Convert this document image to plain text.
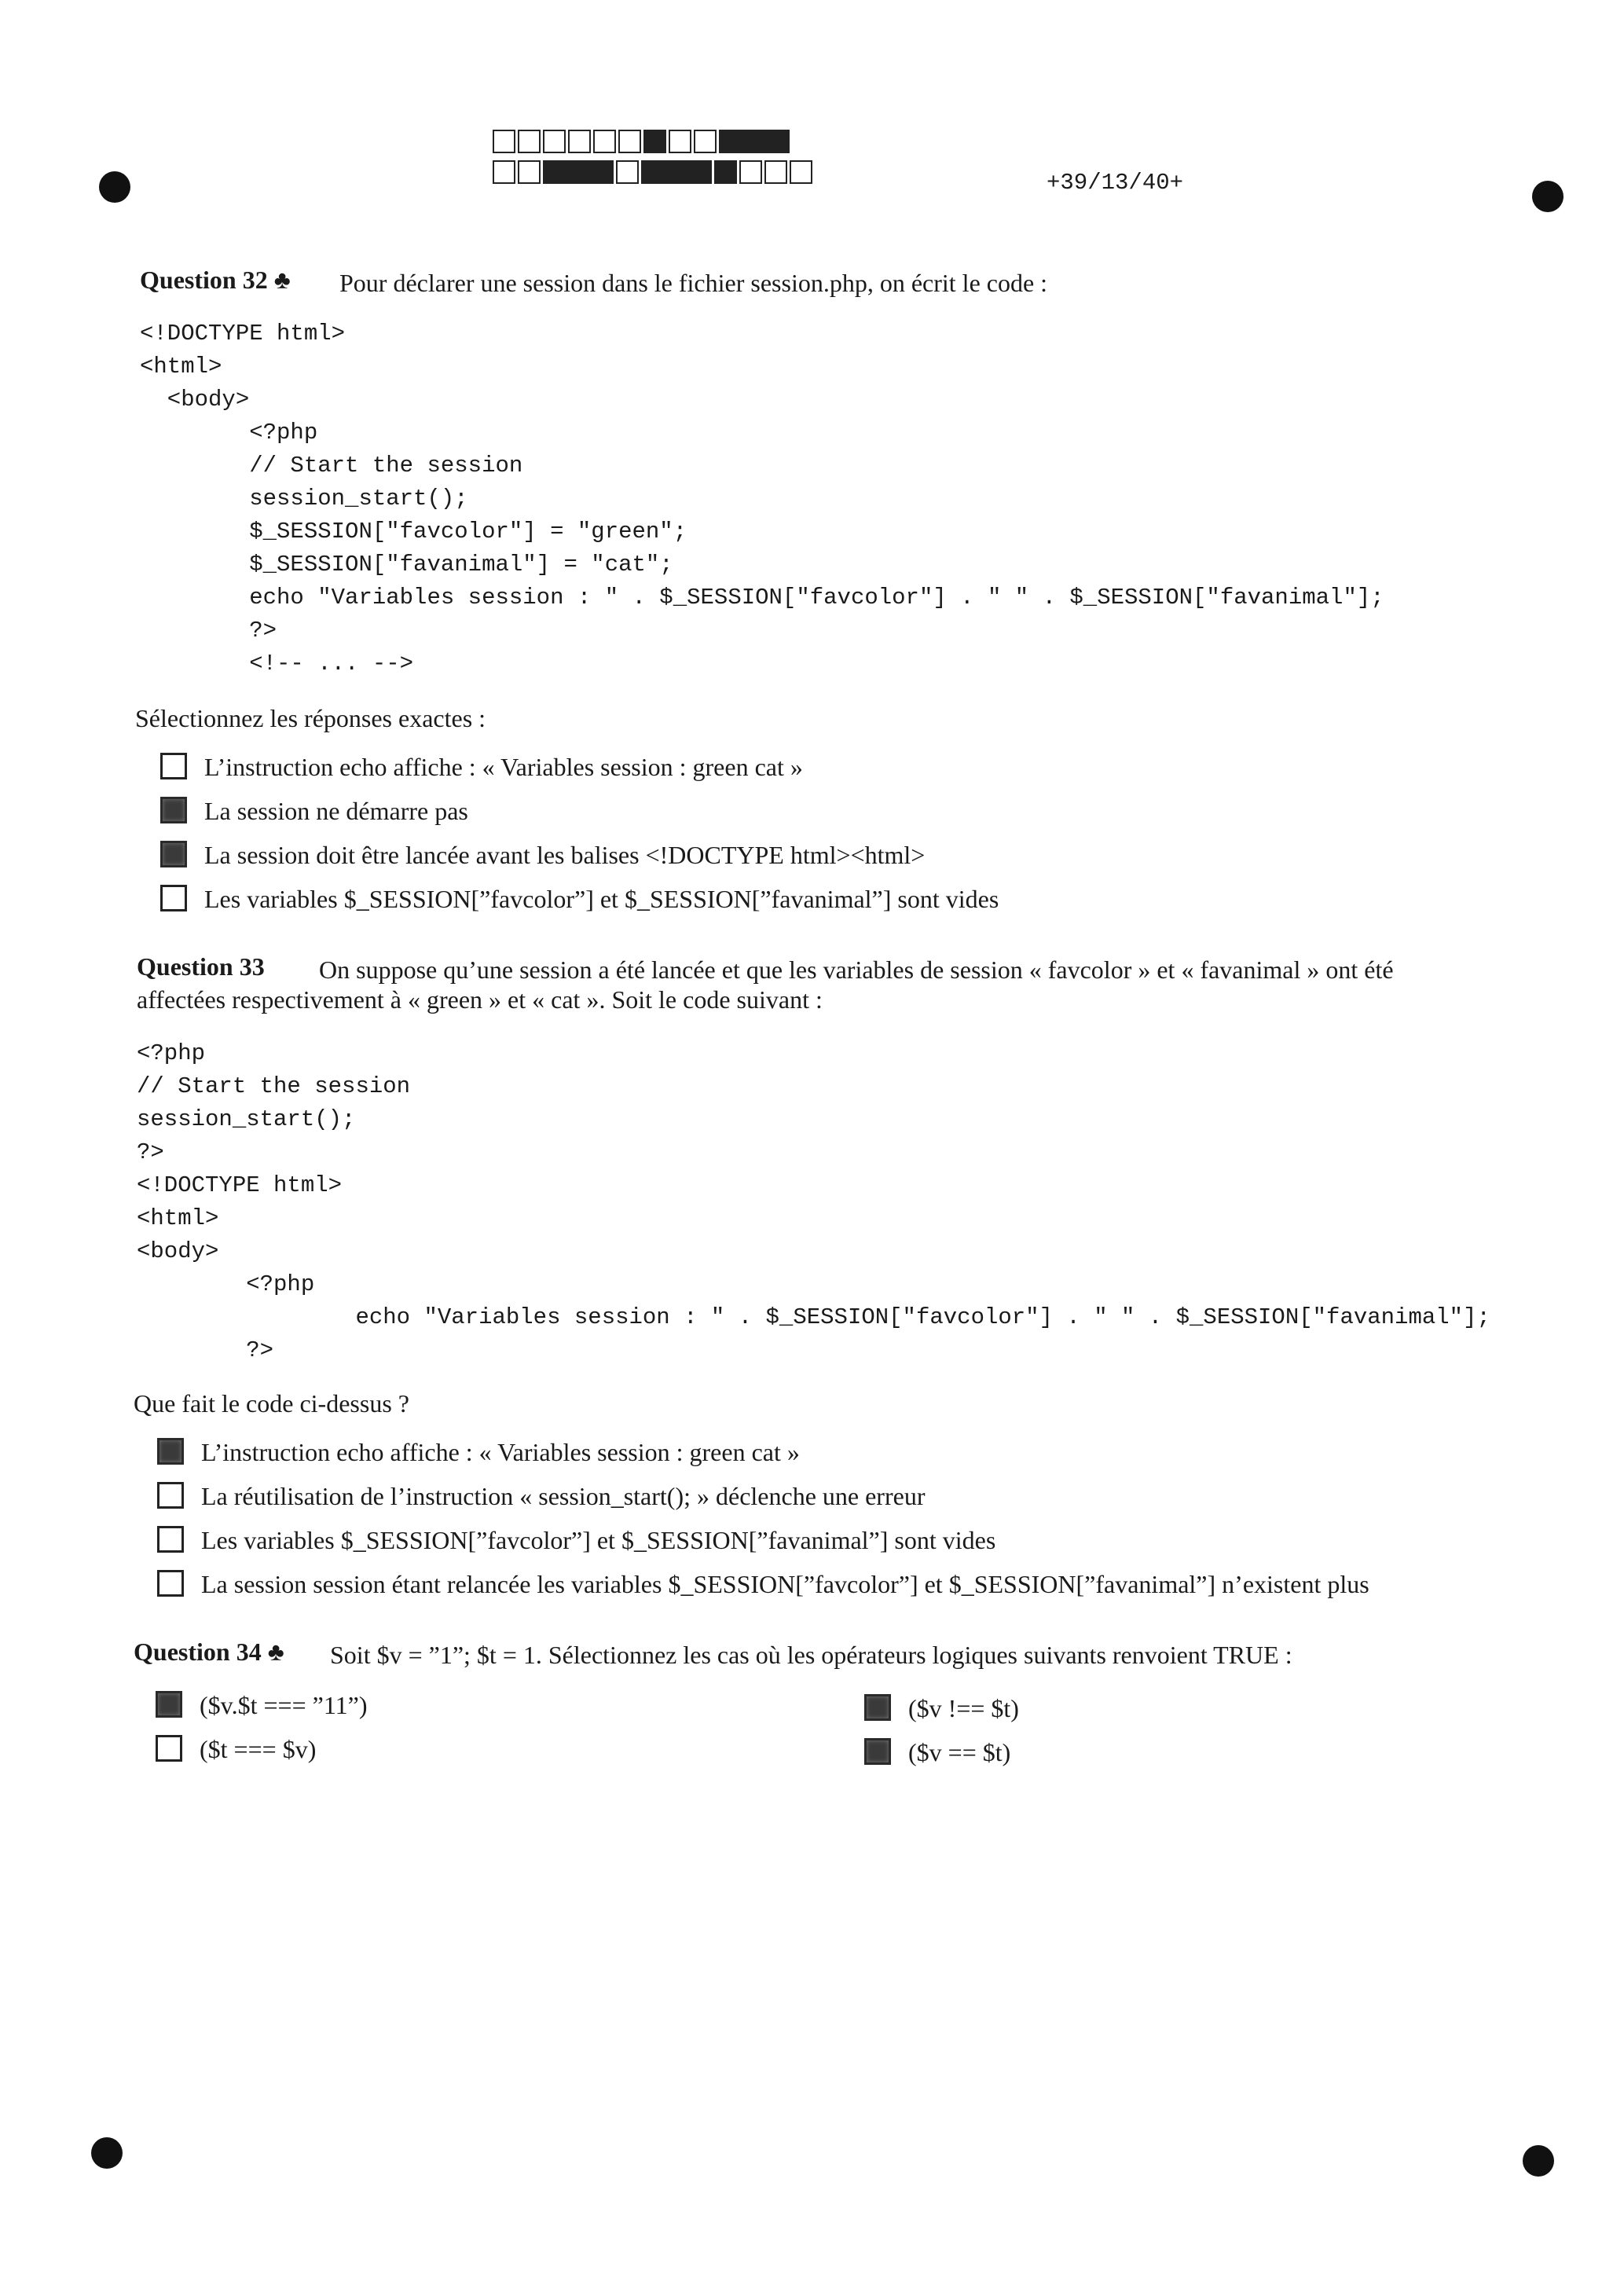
+39/13/40+
Question 32 ♣ Pour déclarer une session dans le fichier session.php, on écrit le code :
<!DOCTYPE html>
<html>
<body>
<?php
// Start the session
session_start();
$_SESSION["favcolor"] = "green";
$_SESSION["favanimal"] = "cat";
echo "Variables session : " . $_SESSION["favcolor"] . " " . $_SESSION["favanimal"];
?>
<!-- ... -->
Sélectionnez les réponses exactes :
L’instruction echo affiche : « Variables session : green cat »
La session ne démarre pas
La session doit être lancée avant les balises <!DOCTYPE html><html>
Les variables $_SESSION[”favcolor”] et $_SESSION[”favanimal”] sont vides
Question 33 On suppose qu’une session a été lancée et que les variables de session « favcolor » et « favanimal » ont été
affectées respectivement à « green » et « cat ». Soit le code suivant :
<?php
// Start the session
session_start();
?>
<!DOCTYPE html>
<html>
<body>
<?php
echo "Variables session : " . $_SESSION["favcolor"] . " " . $_SESSION["favanimal"];
?>
Que fait le code ci-dessus ?
L’instruction echo affiche : « Variables session : green cat »
La réutilisation de l’instruction « session_start(); » déclenche une erreur
Les variables $_SESSION[”favcolor”] et $_SESSION[”favanimal”] sont vides
La session session étant relancée les variables $_SESSION[”favcolor”] et $_SESSION[”favanimal”] n’existent plus
Question 34 ♣ Soit $v = ”1”; $t = 1. Sélectionnez les cas où les opérateurs logiques suivants renvoient TRUE :
($v.$t === ”11”)
($t === $v)
($v !== $t)
($v == $t)
